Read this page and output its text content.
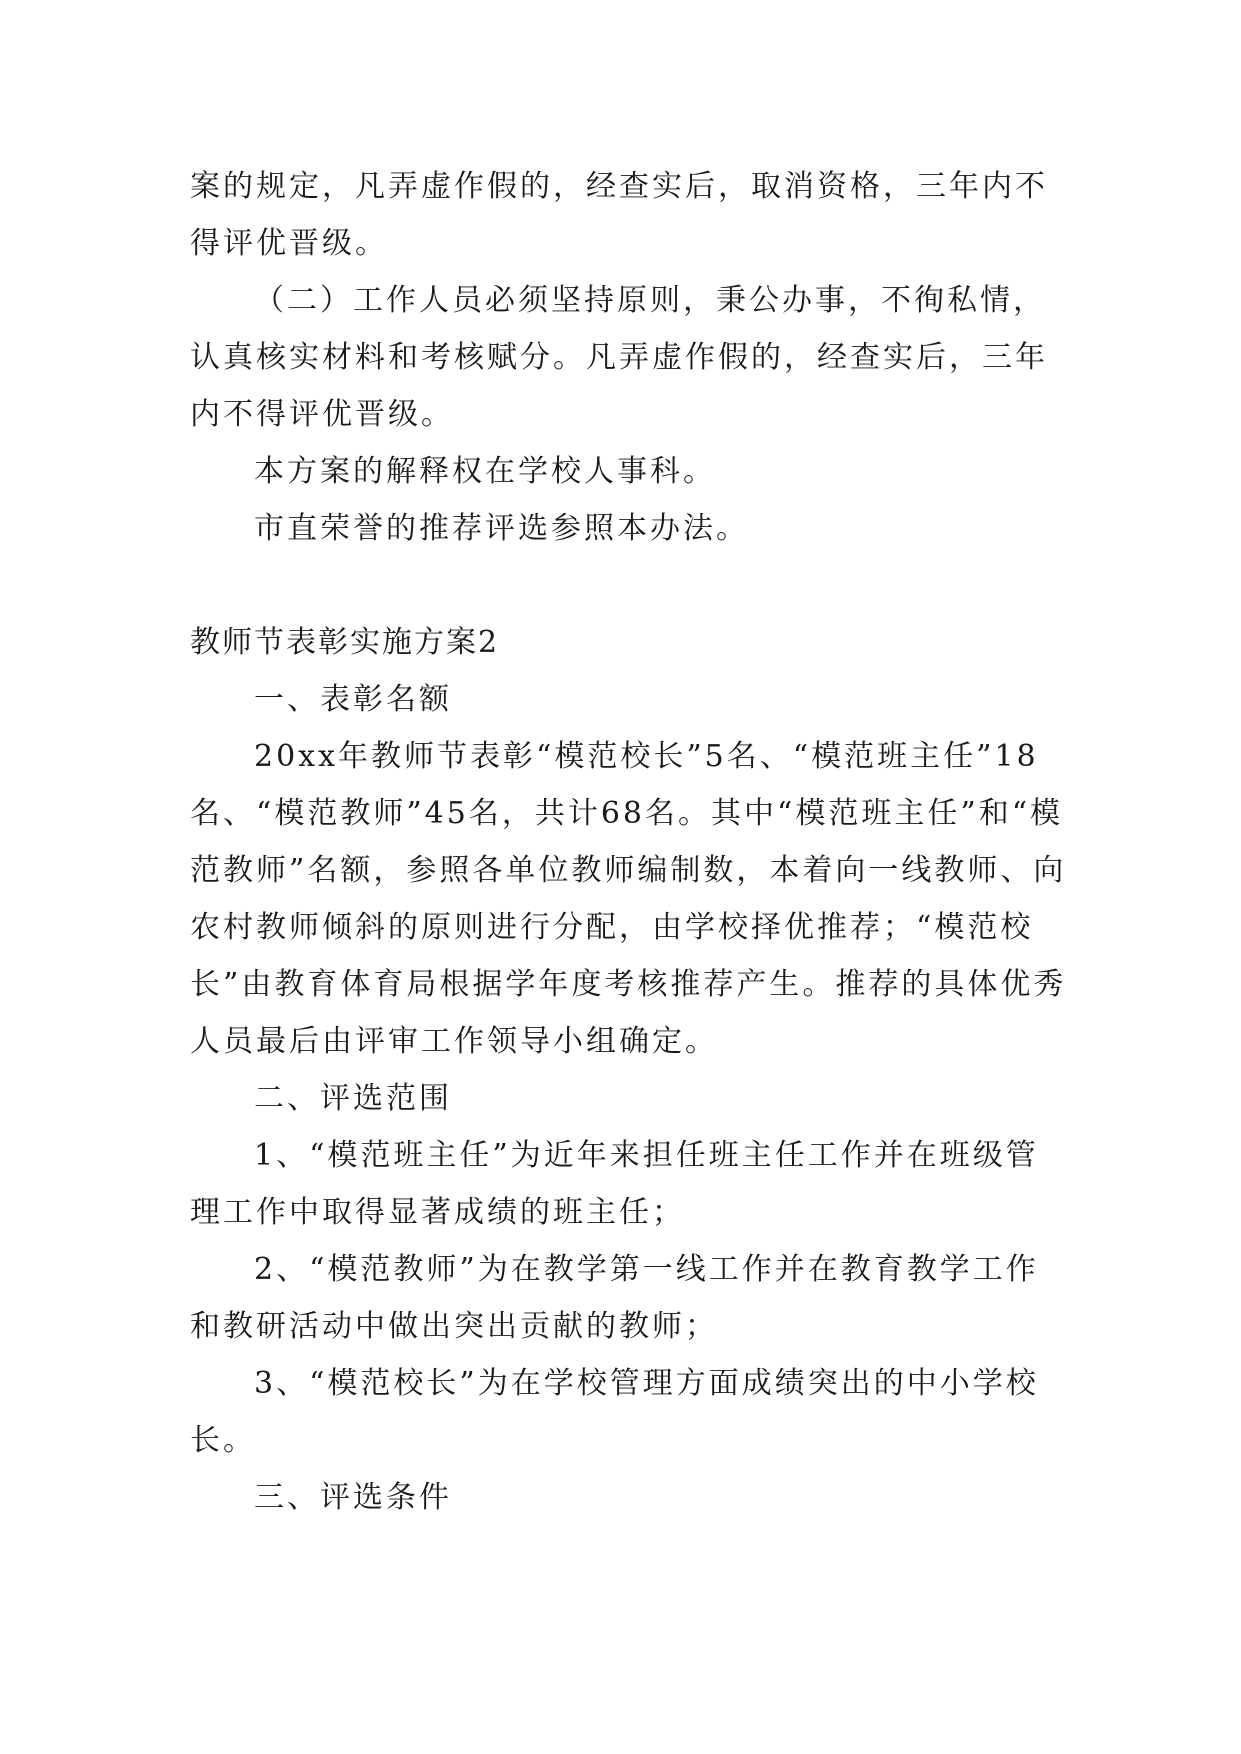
案的规定，凡弄虚作假的，经查实后，取消资格，三年内不得评优晋级。
（二）工作人员必须坚持原则，秉公办事，不徇私情，认真核实材料和考核赋分。凡弄虚作假的，经查实后，三年内不得评优晋级。
本方案的解释权在学校人事科。
市直荣誉的推荐评选参照本办法。
教师节表彰实施方案2
一、表彰名额
20xx年教师节表彰“模范校长”5名、“模范班主任”18名、“模范教师”45名，共计68名。其中“模范班主任”和“模范教师”名额，参照各单位教师编制数，本着向一线教师、向农村教师倾斜的原则进行分配，由学校择优推荐；“模范校长”由教育体育局根据学年度考核推荐产生。推荐的具体优秀人员最后由评审工作领导小组确定。
二、评选范围
1、“模范班主任”为近年来担任班主任工作并在班级管理工作中取得显著成绩的班主任；
2、“模范教师”为在教学第一线工作并在教育教学工作和教研活动中做出突出贡献的教师；
3、“模范校长”为在学校管理方面成绩突出的中小学校长。
三、评选条件
